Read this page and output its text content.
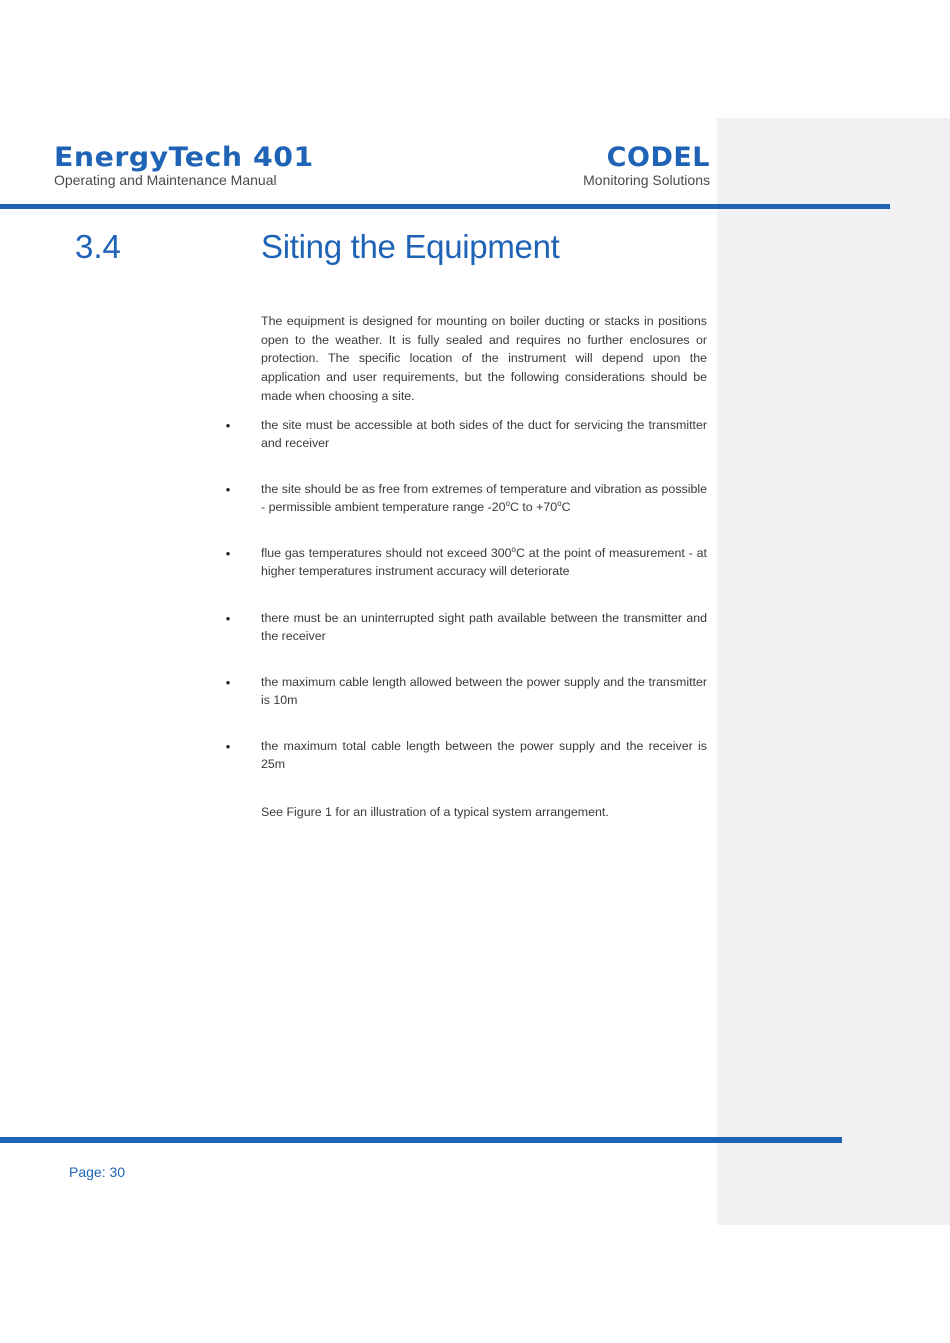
EnergyTech 401
Operating and Maintenance Manual
CODEL
Monitoring Solutions
3.4	Siting the Equipment
The equipment is designed for mounting on boiler ducting or stacks in positions open to the weather. It is fully sealed and requires no further enclosures or protection. The specific location of the instrument will depend upon the application and user requirements, but the following considerations should be made when choosing a site.
• the site must be accessible at both sides of the duct for servicing the transmitter and receiver
• the site should be as free from extremes of temperature and vibration as possible - permissible ambient temperature range -20$^o$C to $+70^oC$
• flue gas temperatures should not exceed 300$^o$C at the point of measurement - at higher temperatures instrument accuracy will deteriorate
• there must be an uninterrupted sight path available between the transmitter and the receiver
• the maximum cable length allowed between the power supply and the transmitter is 10m
• the maximum total cable length between the power supply and the receiver is 25m
See Figure 1 for an illustration of a typical system arrangement.
Page: 30
